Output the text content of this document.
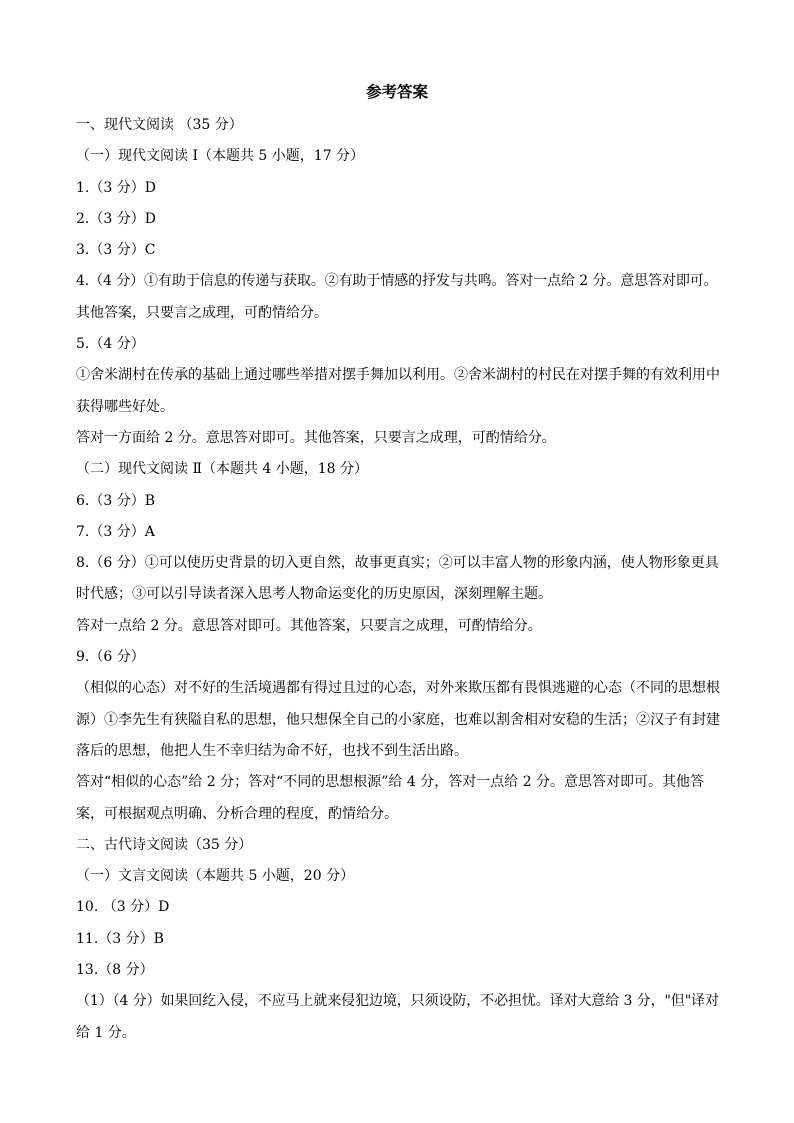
参考答案

一、现代文阅读 （35 分）

（一）现代文阅读 I（本题共 5 小题，17 分）

1.（3 分）D

2.（3 分）D

3.（3 分）C

4.（4 分）①有助于信息的传递与获取。②有助于情感的抒发与共鸣。答对一点给 2 分。意思答对即可。

其他答案，只要言之成理，可酌情给分。

5.（4 分）

①舍米湖村在传承的基础上通过哪些举措对摆手舞加以利用。②舍米湖村的村民在对摆手舞的有效利用中

获得哪些好处。

答对一方面给 2 分。意思答对即可。其他答案，只要言之成理，可酌情给分。

（二）现代文阅读 Ⅱ（本题共 4 小题，18 分）

6.（3 分）B

7.（3 分）A

8.（6 分）①可以使历史背景的切入更自然，故事更真实；②可以丰富人物的形象内涵，使人物形象更具

时代感；③可以引导读者深入思考人物命运变化的历史原因，深刻理解主题。

答对一点给 2 分。意思答对即可。其他答案，只要言之成理，可酌情给分。

9.（6 分）

（相似的心态）对不好的生活境遇都有得过且过的心态，对外来欺压都有畏惧逃避的心态（不同的思想根

源）①李先生有狭隘自私的思想，他只想保全自己的小家庭，也难以割舍相对安稳的生活；②汉子有封建

落后的思想，他把人生不幸归结为命不好，也找不到生活出路。

答对“相似的心态”给 2 分；答对“不同的思想根源”给 4 分，答对一点给 2 分。意思答对即可。其他答

案，可根据观点明确、分析合理的程度，酌情给分。

二、古代诗文阅读（35 分）

（一）文言文阅读（本题共 5 小题，20 分）

10. （3 分）D

11.（3 分）B

13.（8 分）

（1）（4 分）如果回纥入侵，不应马上就来侵犯边境，只须设防，不必担忧。译对大意给 3 分，"但"译对

给 1 分。
